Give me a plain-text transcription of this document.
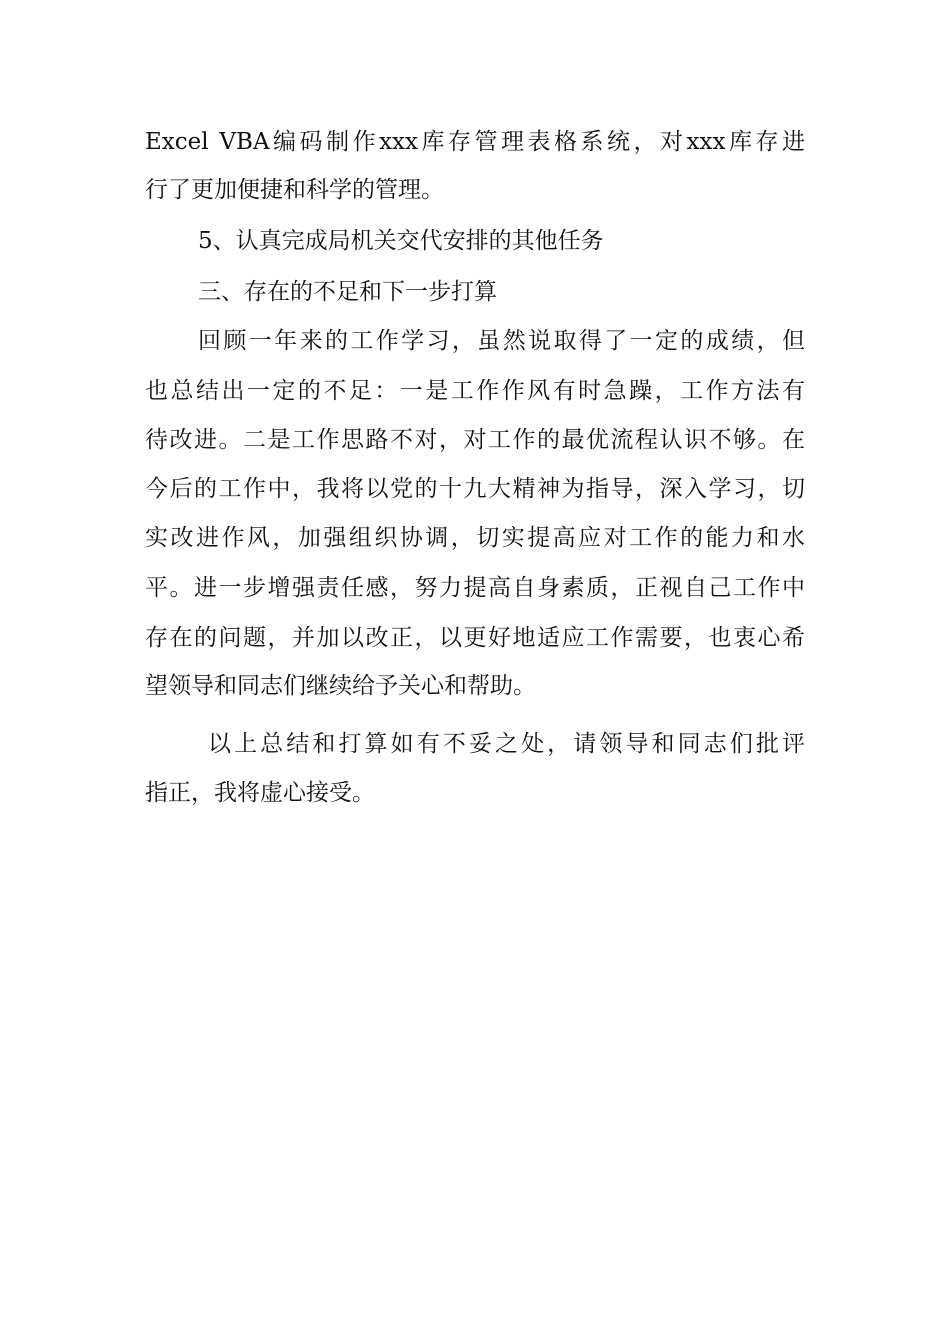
Excel VBA编码制作xxx库存管理表格系统，对xxx库存进
行了更加便捷和科学的管理。
5、认真完成局机关交代安排的其他任务
三、存在的不足和下一步打算
回顾一年来的工作学习，虽然说取得了一定的成绩，但
也总结出一定的不足：一是工作作风有时急躁，工作方法有
待改进。二是工作思路不对，对工作的最优流程认识不够。在
今后的工作中，我将以党的十九大精神为指导，深入学习，切
实改进作风，加强组织协调，切实提高应对工作的能力和水
平。进一步增强责任感，努力提高自身素质，正视自己工作中
存在的问题，并加以改正，以更好地适应工作需要，也衷心希
望领导和同志们继续给予关心和帮助。
以上总结和打算如有不妥之处，请领导和同志们批评
指正，我将虚心接受。
